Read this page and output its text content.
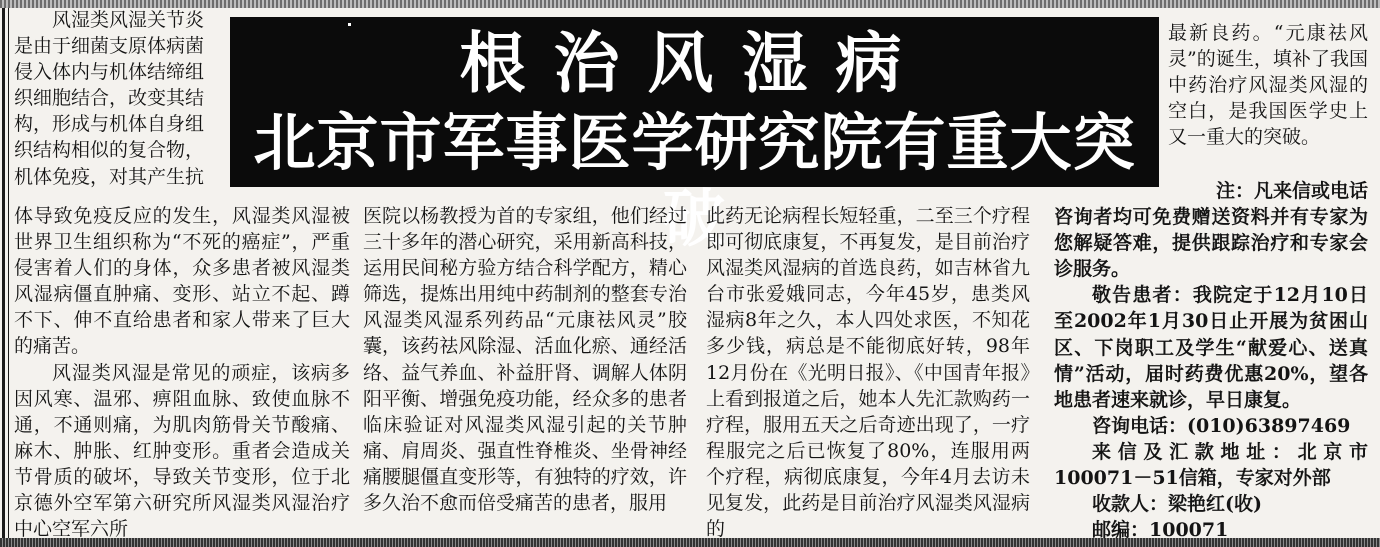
风湿类风湿关节炎
是由于细菌支原体病菌
侵入体内与机体结缔组
织细胞结合，改变其结
构，形成与机体自身组
织结构相似的复合物，
机体免疫，对其产生抗
根治风湿病
北京市军事医学研究院有重大突破

体导致免疫反应的发生，风湿类风湿被世界卫生组织称为“不死的癌症”，严重侵害着人们的身体，众多患者被风湿类风湿病僵直肿痛、变形、站立不起、蹲不下、伸不直给患者和家人带来了巨大的痛苦。

风湿类风湿是常见的顽症，该病多因风寒、温邪、痹阻血脉、致使血脉不通，不通则痛，为肌肉筋骨关节酸痛、麻木、肿胀、红肿变形。重者会造成关节骨质的破坏，导致关节变形，位于北京德外空军第六研究所风湿类风湿治疗中心空军六所

医院以杨教授为首的专家组，他们经过三十多年的潜心研究，采用新高科技，运用民间秘方验方结合科学配方，精心筛选，提炼出用纯中药制剂的整套专治风湿类风湿系列药品“元康祛风灵”胶囊，该药祛风除湿、活血化瘀、通经活络、益气养血、补益肝肾、调解人体阴阳平衡、增强免疫功能，经众多的患者临床验证对风湿类风湿引起的关节肿痛、肩周炎、强直性脊椎炎、坐骨神经痛腰腿僵直变形等，有独特的疗效，许多久治不愈而倍受痛苦的患者，服用

此药无论病程长短轻重，二至三个疗程即可彻底康复，不再复发，是目前治疗风湿类风湿病的首选良药，如吉林省九台市张爱娥同志，今年45岁，患类风湿病8年之久，本人四处求医，不知花多少钱，病总是不能彻底好转，98年12月份在《光明日报》、《中国青年报》上看到报道之后，她本人先汇款购药一疗程，服用五天之后奇迹出现了，一疗程服完之后已恢复了80%，连服用两个疗程，病彻底康复，今年4月去访未见复发，此药是目前治疗风湿类风湿病的

最新良药。“元康祛风灵”的诞生，填补了我国中药治疗风湿类风湿的空白，是我国医学史上又一重大的突破。

注：凡来信或电话

咨询者均可免费赠送资料并有专家为您解疑答难，提供跟踪治疗和专家会诊服务。

敬告患者：我院定于12月10日至2002年1月30日止开展为贫困山区、下岗职工及学生“献爱心、送真情”活动，届时药费优惠20%，望各地患者速来就诊，早日康复。

咨询电话：(010)63897469

来信及汇款地址：北京市100071－51信箱，专家对外部

收款人：梁艳红(收)

邮编：100071
